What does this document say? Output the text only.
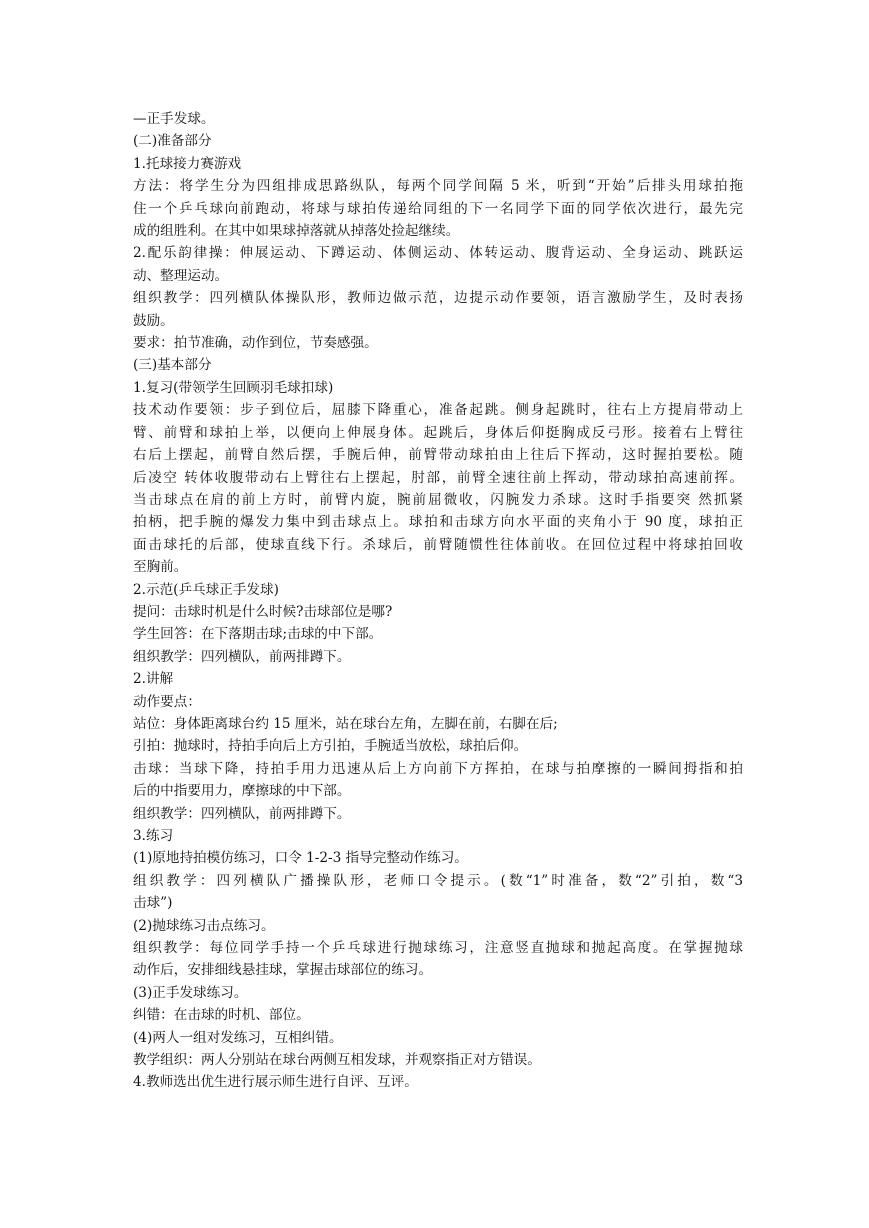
—正手发球。
(二)准备部分
1.托球接力赛游戏
方法：将学生分为四组排成思路纵队，每两个同学间隔 5 米，听到“开始”后排头用球拍拖
住一个乒乓球向前跑动，将球与球拍传递给同组的下一名同学下面的同学依次进行，最先完
成的组胜利。在其中如果球掉落就从掉落处捡起继续。
2.配乐韵律操：伸展运动、下蹲运动、体侧运动、体转运动、腹背运动、全身运动、跳跃运
动、整理运动。
组织教学：四列横队体操队形，教师边做示范，边提示动作要领，语言激励学生，及时表扬
鼓励。
要求：拍节准确，动作到位，节奏感强。
(三)基本部分
1.复习(带领学生回顾羽毛球扣球)
技术动作要领：步子到位后，屈膝下降重心，准备起跳。侧身起跳时，往右上方提肩带动上
臂、前臂和球拍上举，以便向上伸展身体。起跳后，身体后仰挺胸成反弓形。接着右上臂往
右后上摆起，前臂自然后摆，手腕后伸，前臂带动球拍由上往后下挥动，这时握拍要松。随
后凌空 转体收腹带动右上臂往右上摆起，肘部，前臂全速往前上挥动，带动球拍高速前挥。
当击球点在肩的前上方时，前臂内旋，腕前屈微收，闪腕发力杀球。这时手指要突 然抓紧
拍柄，把手腕的爆发力集中到击球点上。球拍和击球方向水平面的夹角小于 90 度，球拍正
面击球托的后部，使球直线下行。杀球后，前臂随惯性往体前收。在回位过程中将球拍回收
至胸前。
2.示范(乒乓球正手发球)
提问：击球时机是什么时候?击球部位是哪?
学生回答：在下落期击球;击球的中下部。
组织教学：四列横队，前两排蹲下。
2.讲解
动作要点：
站位：身体距离球台约 15 厘米，站在球台左角，左脚在前，右脚在后;
引拍：抛球时，持拍手向后上方引拍，手腕适当放松，球拍后仰。
击球：当球下降，持拍手用力迅速从后上方向前下方挥拍，在球与拍摩擦的一瞬间拇指和拍
后的中指要用力，摩擦球的中下部。
组织教学：四列横队，前两排蹲下。
3.练习
(1)原地持拍模仿练习，口令 1-2-3 指导完整动作练习。
组织教学：四列横队广播操队形，老师口令提示。(数“1”时准备，数“2”引拍，数“3
击球”)
(2)抛球练习击点练习。
组织教学：每位同学手持一个乒乓球进行抛球练习，注意竖直抛球和抛起高度。在掌握抛球
动作后，安排细线悬挂球，掌握击球部位的练习。
(3)正手发球练习。
纠错：在击球的时机、部位。
(4)两人一组对发练习，互相纠错。
教学组织：两人分别站在球台两侧互相发球，并观察指正对方错误。
4.教师选出优生进行展示师生进行自评、互评。
